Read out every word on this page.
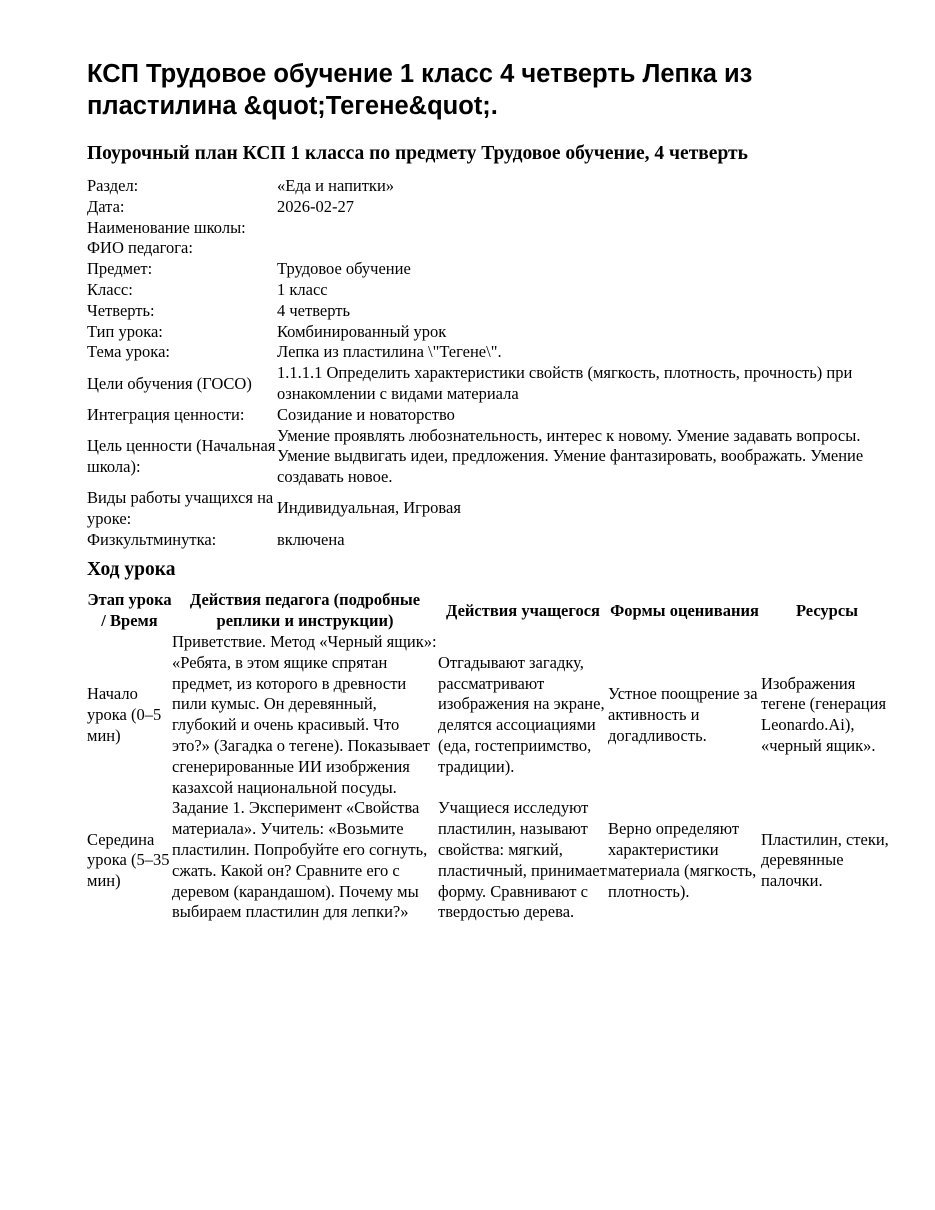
КСП Трудовое обучение 1 класс 4 четверть Лепка из пластилина &quot;Тегене&quot;.
Поурочный план КСП 1 класса по предмету Трудовое обучение, 4 четверть
Раздел:	«Еда и напитки»
Дата:	2026-02-27
Наименование школы:	
ФИО педагога:	
Предмет:	Трудовое обучение
Класс:	1 класс
Четверть:	4 четверть
Тип урока:	Комбинированный урок
Тема урока:	Лепка из пластилина \"Тегене\".
Цели обучения (ГОСО)	1.1.1.1 Определить характеристики свойств (мягкость, плотность, прочность) при ознакомлении с видами материала
Интеграция ценности:	Созидание и новаторство
Цель ценности (Начальная школа):	Умение проявлять любознательность, интерес к новому. Умение задавать вопросы. Умение выдвигать идеи, предложения. Умение фантазировать, воображать. Умение создавать новое.
Виды работы учащихся на уроке:	Индивидуальная, Игровая
Физкультминутка:	включена
Ход урока
Этап урока / Время	Действия педагога (подробные реплики и инструкции)	Действия учащегося	Формы оценивания	Ресурсы
Начало урока (0–5 мин)	Приветствие. Метод «Черный ящик»: «Ребята, в этом ящике спрятан предмет, из которого в древности пили кумыс. Он деревянный, глубокий и очень красивый. Что это?» (Загадка о тегене). Показывает сгенерированные ИИ изобржения казахсой национальной посуды.	Отгадывают загадку, рассматривают изображения на экране, делятся ассоциациями (еда, гостеприимство, традиции).	Устное поощрение за активность и догадливость.	Изображения тегене (генерация Leonardo.Ai), «черный ящик».
Середина урока (5–35 мин)	Задание 1. Эксперимент «Свойства материала». Учитель: «Возьмите пластилин. Попробуйте его согнуть, сжать. Какой он? Сравните его с деревом (карандашом). Почему мы выбираем пластилин для лепки?»	Учащиеся исследуют пластилин, называют свойства: мягкий, пластичный, принимает форму. Сравнивают с твердостью дерева.	Верно определяют характеристики материала (мягкость, плотность).	Пластилин, стеки, деревянные палочки.
